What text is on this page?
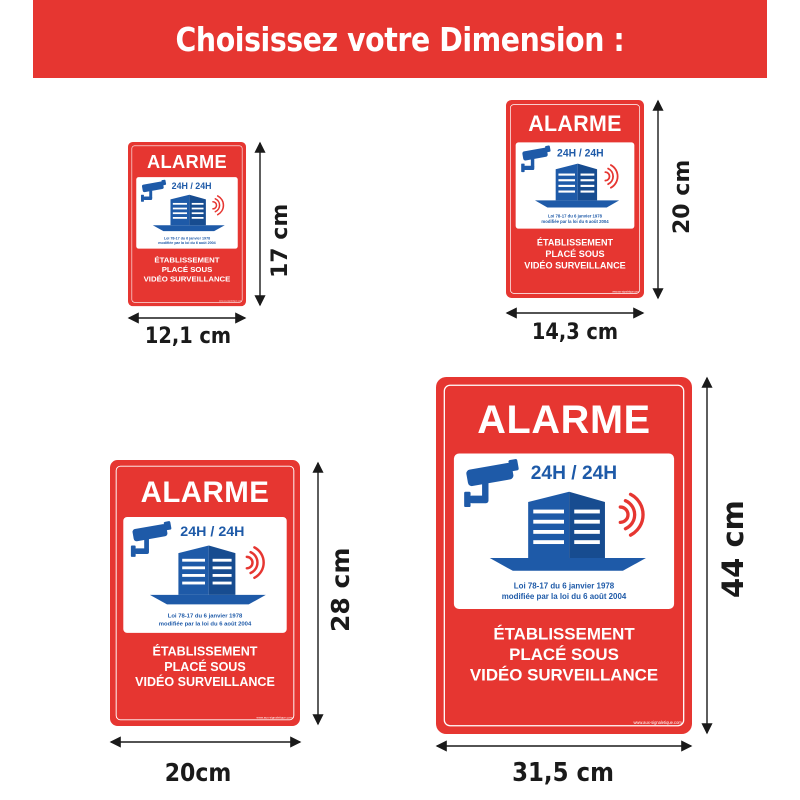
Choisissez votre Dimension :
ALARME
24H / 24H
Loi 78-17 du 6 janvier 1978
modifiée par la loi du 6 août 2004
ÉTABLISSEMENT
PLACÉ SOUS
VIDÉO SURVEILLANCE
www.aux-signaletique.com
12,1 cm
17 cm
ALARME
24H / 24H
Loi 78-17 du 6 janvier 1978
modifiée par la loi du 6 août 2004
ÉTABLISSEMENT
PLACÉ SOUS
VIDÉO SURVEILLANCE
www.aux-signaletique.com
14,3 cm
20 cm
ALARME
24H / 24H
Loi 78-17 du 6 janvier 1978
modifiée par la loi du 6 août 2004
ÉTABLISSEMENT
PLACÉ SOUS
VIDÉO SURVEILLANCE
www.aux-signaletique.com
20cm
28 cm
ALARME
24H / 24H
Loi 78-17 du 6 janvier 1978
modifiée par la loi du 6 août 2004
ÉTABLISSEMENT
PLACÉ SOUS
VIDÉO SURVEILLANCE
www.aux-signaletique.com
31,5 cm
44 cm
